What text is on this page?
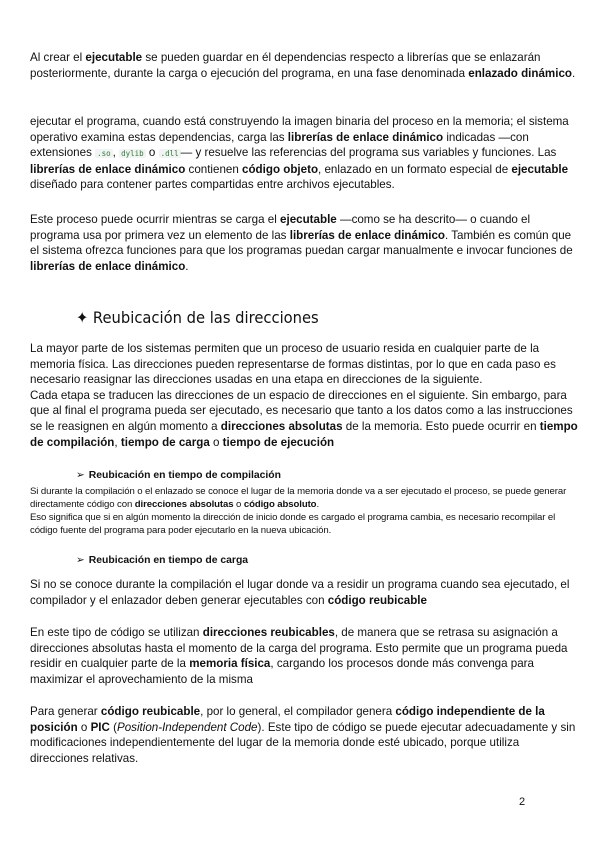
Al crear el ejecutable se pueden guardar en él dependencias respecto a librerías que se enlazarán posteriormente, durante la carga o ejecución del programa, en una fase denominada enlazado dinámico.

ejecutar el programa, cuando está construyendo la imagen binaria del proceso en la memoria; el sistema operativo examina estas dependencias, carga las librerías de enlace dinámico indicadas —con extensiones .so , dylib o .dll — y resuelve las referencias del programa sus variables y funciones. Las librerías de enlace dinámico contienen código objeto, enlazado en un formato especial de ejecutable diseñado para contener partes compartidas entre archivos ejecutables.

Este proceso puede ocurrir mientras se carga el ejecutable —como se ha descrito— o cuando el programa usa por primera vez un elemento de las librerías de enlace dinámico. También es común que el sistema ofrezca funciones para que los programas puedan cargar manualmente e invocar funciones de librerías de enlace dinámico.

✦ Reubicación de las direcciones

La mayor parte de los sistemas permiten que un proceso de usuario resida en cualquier parte de la memoria física. Las direcciones pueden representarse de formas distintas, por lo que en cada paso es necesario reasignar las direcciones usadas en una etapa en direcciones de la siguiente.
Cada etapa se traducen las direcciones de un espacio de direcciones en el siguiente. Sin embargo, para que al final el programa pueda ser ejecutado, es necesario que tanto a los datos como a las instrucciones se le reasignen en algún momento a direcciones absolutas de la memoria. Esto puede ocurrir en tiempo de compilación, tiempo de carga o tiempo de ejecución

➢ Reubicación en tiempo de compilación

Si durante la compilación o el enlazado se conoce el lugar de la memoria donde va a ser ejecutado el proceso, se puede generar directamente código con direcciones absolutas o código absoluto.
Eso significa que si en algún momento la dirección de inicio donde es cargado el programa cambia, es necesario recompilar el código fuente del programa para poder ejecutarlo en la nueva ubicación.

➢ Reubicación en tiempo de carga

Si no se conoce durante la compilación el lugar donde va a residir un programa cuando sea ejecutado, el compilador y el enlazador deben generar ejecutables con código reubicable

En este tipo de código se utilizan direcciones reubicables, de manera que se retrasa su asignación a direcciones absolutas hasta el momento de la carga del programa. Esto permite que un programa pueda residir en cualquier parte de la memoria física, cargando los procesos donde más convenga para maximizar el aprovechamiento de la misma

Para generar código reubicable, por lo general, el compilador genera código independiente de la posición o PIC (Position-Independent Code). Este tipo de código se puede ejecutar adecuadamente y sin modificaciones independientemente del lugar de la memoria donde esté ubicado, porque utiliza direcciones relativas.

2
